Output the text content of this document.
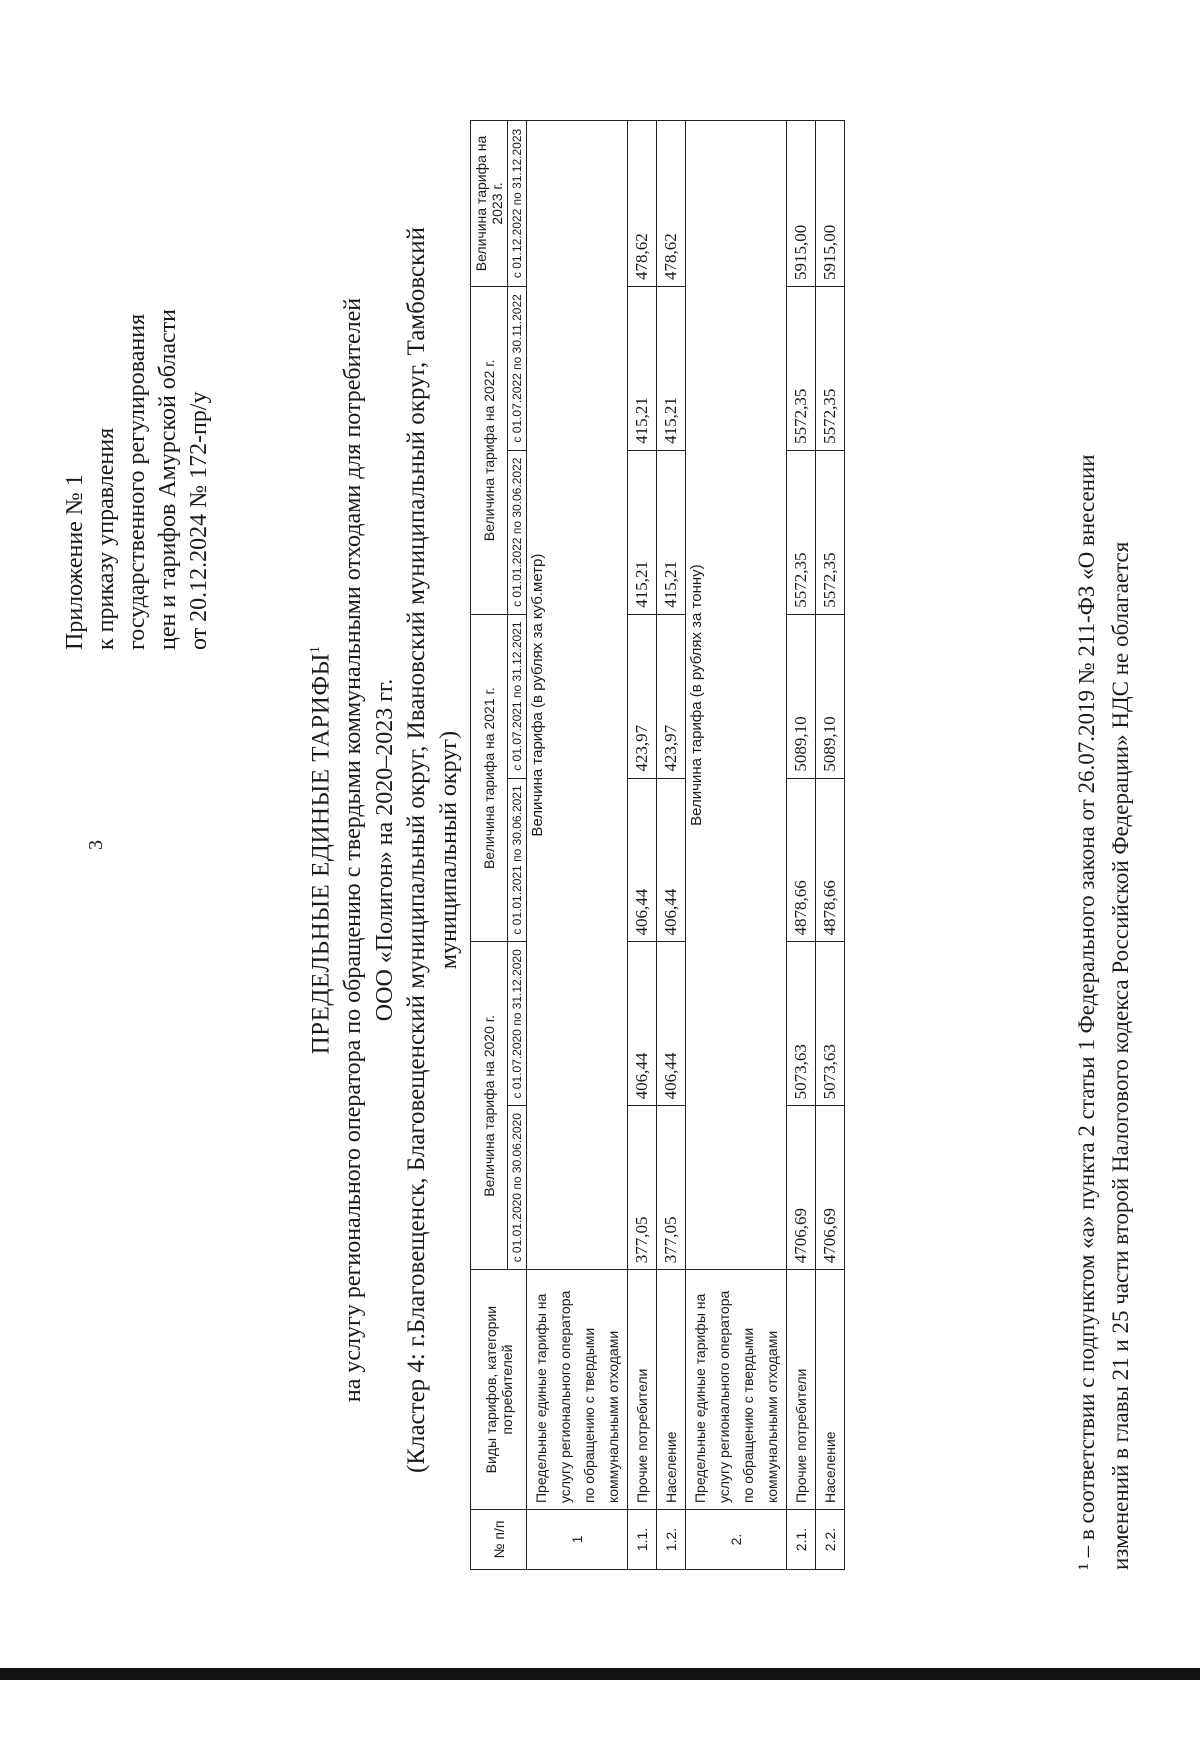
3
Приложение № 1 к приказу управления государственного регулирования цен и тарифов Амурской области от 20.12.2024 № 172-пр/у
ПРЕДЕЛЬНЫЕ ЕДИНЫЕ ТАРИФЫ$^1$ на услугу регионального оператора по обращению с твердыми коммунальными отходами для потребителей ООО «Полигон» на 2020–2023 гг. (Кластер 4: г.Благовещенск, Благовещенский муниципальный округ, Ивановский муниципальный округ, Тамбовский муниципальный округ)
№ п/п	Виды тарифов, категории потребителей	Величина тарифа на 2020 г.		Величина тарифа на 2021 г.		Величина тарифа на 2022 г.		Величина тарифа на 2023 г.
		с 01.01.2020 по 30.06.2020	с 01.07.2020 по 31.12.2020	с 01.01.2021 по 30.06.2021	с 01.07.2021 по 31.12.2021	с 01.01.2022 по 30.06.2022	с 01.07.2022 по 30.11.2022	с 01.12.2022 по 31.12.2023
1	Предельные единые тарифы на услугу регионального оператора по обращению с твердыми коммунальными отходами	Величина тарифа (в рублях за куб.метр)						
1.1.	Прочие потребители	377,05	406,44	406,44	423,97	415,21	415,21	478,62
1.2.	Население	377,05	406,44	406,44	423,97	415,21	415,21	478,62
2.	Предельные единые тарифы на услугу регионального оператора по обращению с твердыми коммунальными отходами	Величина тарифа (в рублях за тонну)						
2.1.	Прочие потребители	4706,69	5073,63	4878,66	5089,10	5572,35	5572,35	5915,00
2.2.	Население	4706,69	5073,63	4878,66	5089,10	5572,35	5572,35	5915,00
¹ – в соответствии с подпунктом «а» пункта 2 статьи 1 Федерального закона от 26.07.2019 № 211-ФЗ «О внесении изменений в главы 21 и 25 части второй Налогового кодекса Российской Федерации» НДС не облагается
